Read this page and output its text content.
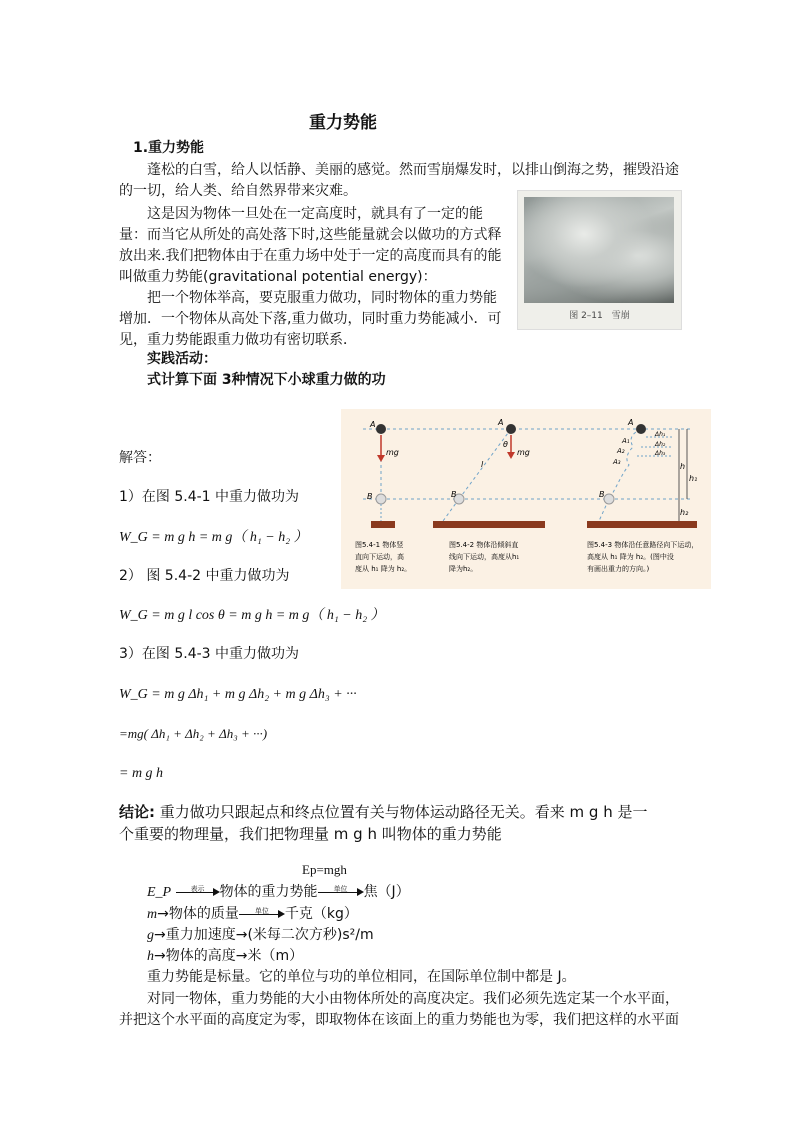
重力势能
1.重力势能
蓬松的白雪，给人以恬静、美丽的感觉。然而雪崩爆发时，以排山倒海之势，摧毁沿途
的一切，给人类、给自然界带来灾难。
这是因为物体一旦处在一定高度时，就具有了一定的能
量：而当它从所处的高处落下时,这些能量就会以做功的方式释
放出来.我们把物体由于在重力场中处于一定的高度而具有的能
叫做重力势能(gravitational potential energy)：
把一个物体举高，要克服重力做功，同时物体的重力势能
增加．一个物体从高处下落,重力做功，同时重力势能减小．可
见，重力势能跟重力做功有密切联系．
图 2–11　雪崩
实践活动：
式计算下面 3种情况下小球重力做的功
解答：
1）在图 5.4-1 中重力做功为
W_G = m g h = m g（ h₁ − h₂ ）
2） 图 5.4-2 中重力做功为
W_G = m g l cos θ = m g h = m g（ h₁ − h₂ ）
3）在图 5.4-3 中重力做功为
W_G = m g Δh₁ + m g Δh₂ + m g Δh₃ + ···
=mg( Δh₁ + Δh₂ + Δh₃ + ···)
= m g h
A
B
mg
A
B
mg
θ
l
A
B
A₁
A₂
A₃
Δh₁
Δh₂
Δh₃
h
h₁
h₂
图5.4-1 物体竖
直向下运动，高
度从 h₁ 降为 h₂。
图5.4-2 物体沿倾斜直
线向下运动，高度从h₁
降为h₂。
图5.4-3 物体沿任意路径向下运动，
高度从 h₁ 降为 h₂。(图中没
有画出重力的方向。)
结论: 重力做功只跟起点和终点位置有关与物体运动路径无关。看来 m g h 是一
个重要的物理量，我们把物理量 m g h 叫物体的重力势能
Ep=mgh
E_P	表示	物体的重力势能	单位	焦（J）
m→物体的质量	单位	千克（kg）
g→重力加速度→(米每二次方秒)s²/m
h→物体的高度→米（m）
重力势能是标量。它的单位与功的单位相同，在国际单位制中都是 J。
对同一物体，重力势能的大小由物体所处的高度决定。我们必须先选定某一个水平面，
并把这个水平面的高度定为零，即取物体在该面上的重力势能也为零，我们把这样的水平面
